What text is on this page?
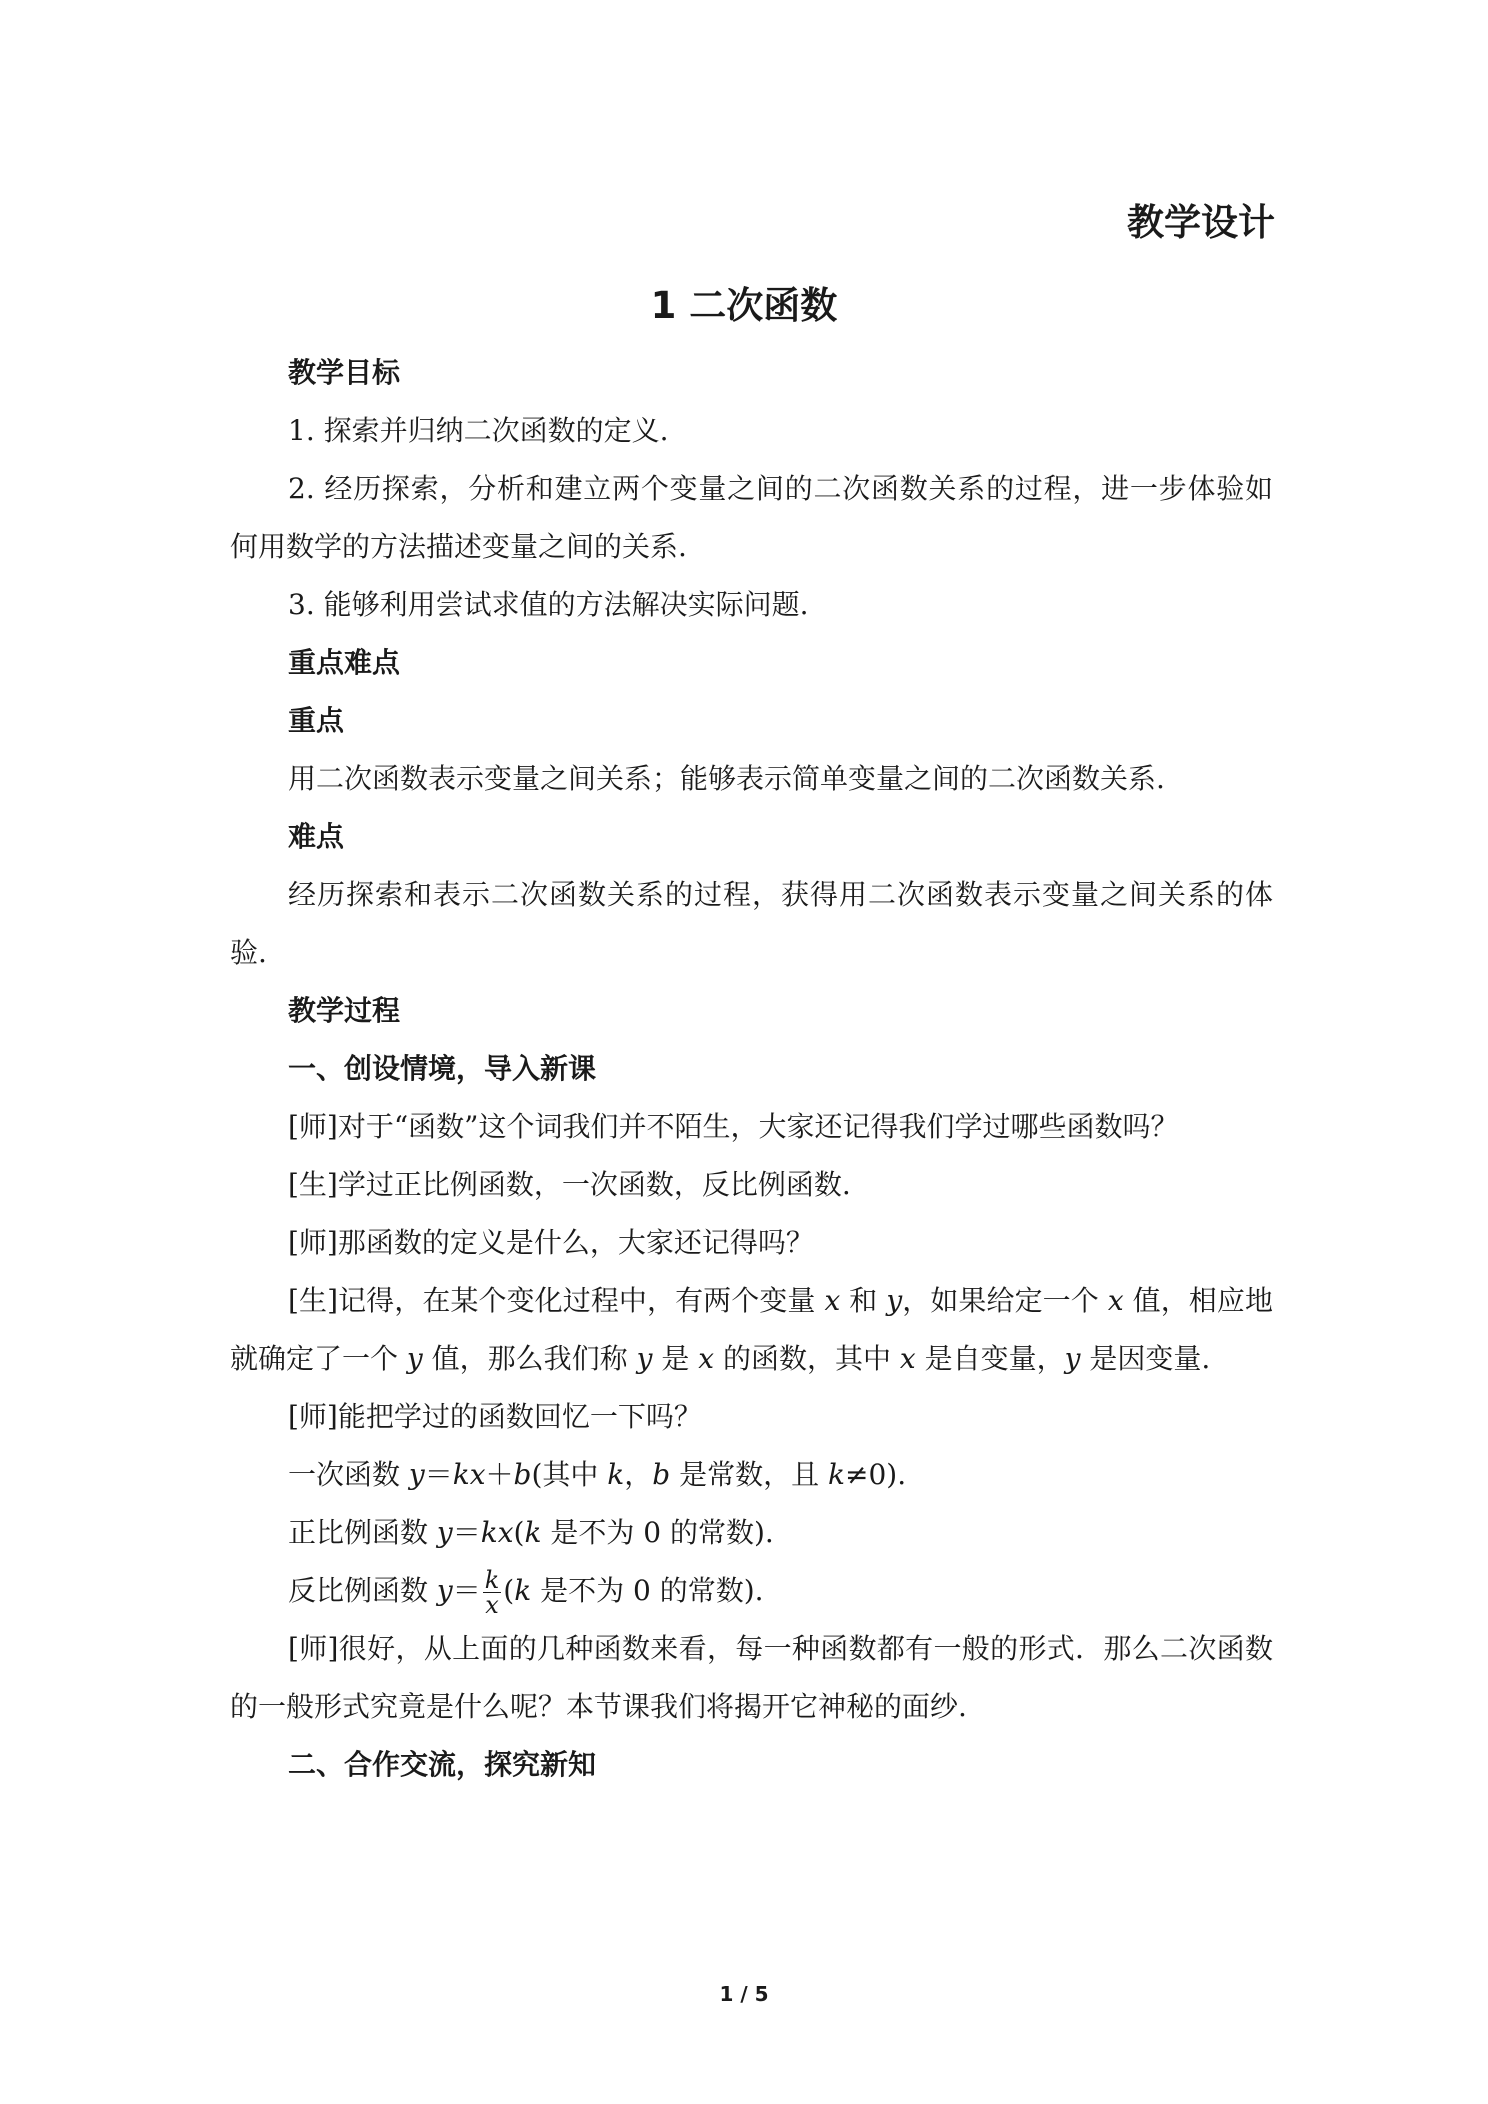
教学设计
1 二次函数

教学目标

1. 探索并归纳二次函数的定义.

2. 经历探索，分析和建立两个变量之间的二次函数关系的过程，进一步体验如何用数学的方法描述变量之间的关系.

3. 能够利用尝试求值的方法解决实际问题.

重点难点

重点

用二次函数表示变量之间关系；能够表示简单变量之间的二次函数关系.

难点

经历探索和表示二次函数关系的过程，获得用二次函数表示变量之间关系的体验.

教学过程

一、创设情境，导入新课

[师]对于“函数”这个词我们并不陌生，大家还记得我们学过哪些函数吗？

[生]学过正比例函数，一次函数，反比例函数.

[师]那函数的定义是什么，大家还记得吗？

[生]记得，在某个变化过程中，有两个变量 x 和 y，如果给定一个 x 值，相应地就确定了一个 y 值，那么我们称 y 是 x 的函数，其中 x 是自变量，y 是因变量.

[师]能把学过的函数回忆一下吗？

一次函数 y＝kx＋b(其中 k，b 是常数，且 k≠0).

正比例函数 y＝kx(k 是不为 0 的常数).

反比例函数 $y= \frac{k}{x} (k$ 是不为 0 的常数).

[师]很好，从上面的几种函数来看，每一种函数都有一般的形式．那么二次函数的一般形式究竟是什么呢？本节课我们将揭开它神秘的面纱.

二、合作交流，探究新知

1 / 5
